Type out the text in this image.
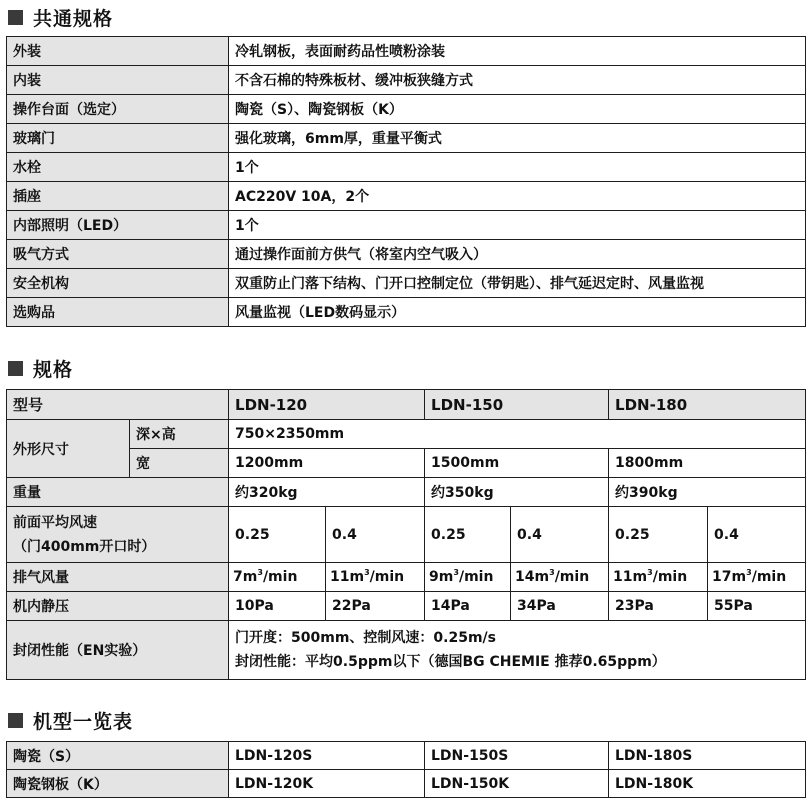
共通规格
外装	冷轧钢板，表面耐药品性喷粉涂装
内装	不含石棉的特殊板材、缓冲板狭缝方式
操作台面（选定）	陶瓷（S）、陶瓷钢板（K）
玻璃门	强化玻璃，6mm厚，重量平衡式
水栓	1个
插座	AC220V 10A，2个
内部照明（LED）	1个
吸气方式	通过操作面前方供气（将室内空气吸入）
安全机构	双重防止门落下结构、门开口控制定位（带钥匙）、排气延迟定时、风量监视
选购品	风量监视（LED数码显示）
规格
型号		LDN-120		LDN-150		LDN-180	
外形尺寸	深×高	750×2350mm					
	宽	1200mm		1500mm		1800mm	
重量		约320kg		约350kg		约390kg	

前面平均风速
（门400mm开口时）		0.25	0.4	0.25	0.4	0.25	0.4
排气风量		$7m^3/\min$	$11m^3/\min$	$9m^3/\min$	$14m^3/\min$	$11m^3/\min$	$17m^3/\min$
机内静压		10Pa	22Pa	14Pa	34Pa	23Pa	55Pa
封闭性能（EN实验）		门开度：500mm、控制风速：0.25m/s
封闭性能：平均0.5ppm以下（德国BG CHEMIE 推荐0.65ppm）					
机型一览表
陶瓷（S）	LDN-120S	LDN-150S	LDN-180S
陶瓷钢板（K）	LDN-120K	LDN-150K	LDN-180K
